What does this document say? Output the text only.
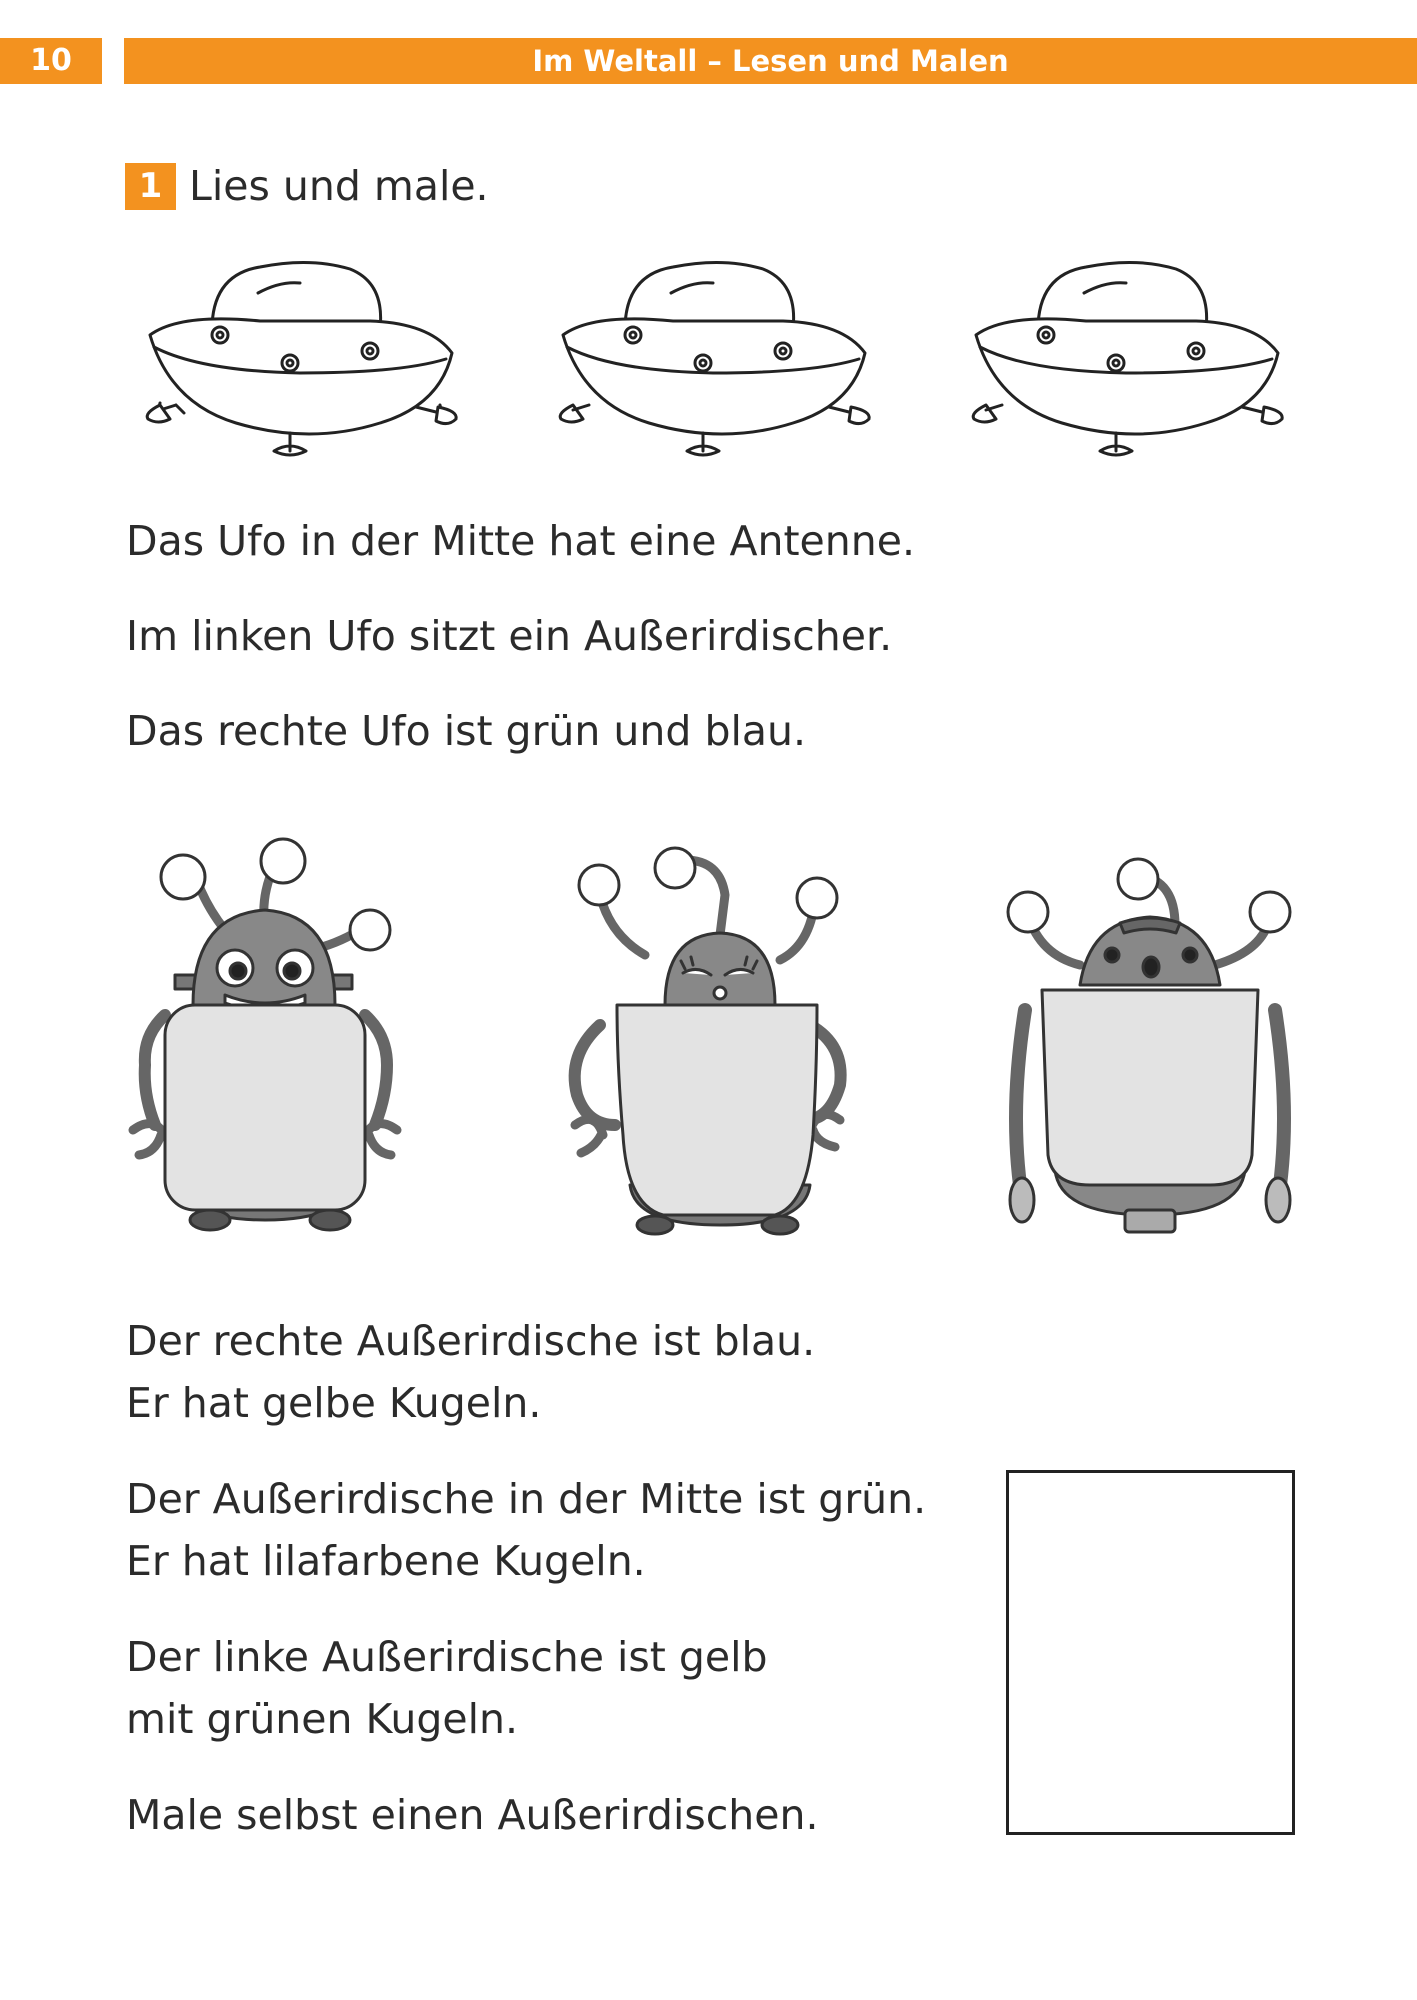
10	Im Weltall – Lesen und Malen
1 Lies und male.
Das Ufo in der Mitte hat eine Antenne.
Im linken Ufo sitzt ein Außerirdischer.
Das rechte Ufo ist grün und blau.
Der rechte Außerirdische ist blau.
Er hat gelbe Kugeln.
Der Außerirdische in der Mitte ist grün.
Er hat lilafarbene Kugeln.
Der linke Außerirdische ist gelb
mit grünen Kugeln.
Male selbst einen Außerirdischen.
